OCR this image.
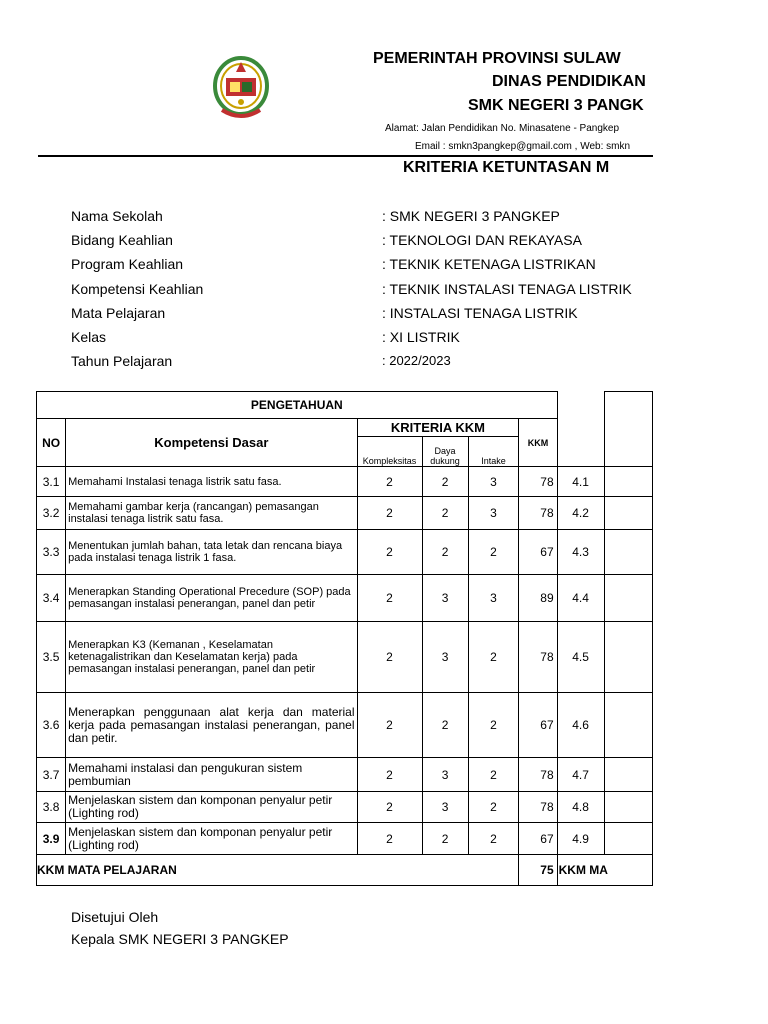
PEMERINTAH PROVINSI SULAW
DINAS PENDIDIKAN
SMK NEGERI 3 PANGK
Alamat: Jalan Pendidikan No. Minasatene - Pangkep
Email : smkn3pangkep@gmail.com , Web: smkn
KRITERIA KETUNTASAN M
Nama Sekolah	: SMK NEGERI 3 PANGKEP
Bidang Keahlian	: TEKNOLOGI DAN REKAYASA
Program Keahlian	: TEKNIK KETENAGA LISTRIKAN
Kompetensi Keahlian	: TEKNIK INSTALASI TENAGA LISTRIK
Mata Pelajaran	: INSTALASI TENAGA LISTRIK
Kelas	: XI LISTRIK
Tahun Pelajaran	: 2022/2023
PENGETAHUAN							
NO	Kompetensi Dasar	KRITERIA KKM			KKM		
		Kompleksitas	Daya dukung	Intake			
3.1	Memahami Instalasi tenaga listrik satu fasa.	2	2	3	78	4.1	
3.2	Memahami gambar kerja (rancangan) pemasangan instalasi tenaga listrik satu fasa.	2	2	3	78	4.2	
3.3	Menentukan jumlah bahan, tata letak dan rencana biaya pada instalasi tenaga listrik 1 fasa.	2	2	2	67	4.3	
3.4	Menerapkan Standing Operational Precedure (SOP) pada pemasangan instalasi penerangan, panel dan petir	2	3	3	89	4.4	
3.5	Menerapkan K3 (Kemanan , Keselamatan ketenagalistrikan dan Keselamatan kerja) pada pemasangan instalasi penerangan, panel dan petir	2	3	2	78	4.5	
3.6	Menerapkan penggunaan alat kerja dan material kerja pada pemasangan instalasi penerangan, panel dan petir.	2	2	2	67	4.6	
3.7	Memahami instalasi dan pengukuran sistem pembumian	2	3	2	78	4.7	
3.8	Menjelaskan sistem dan komponan penyalur petir (Lighting rod)	2	3	2	78	4.8	
3.9	Menjelaskan sistem dan komponan penyalur petir (Lighting rod)	2	2	2	67	4.9	
KKM MATA PELAJARAN					75	KKM MA	
Disetujui Oleh
Kepala SMK NEGERI 3 PANGKEP
